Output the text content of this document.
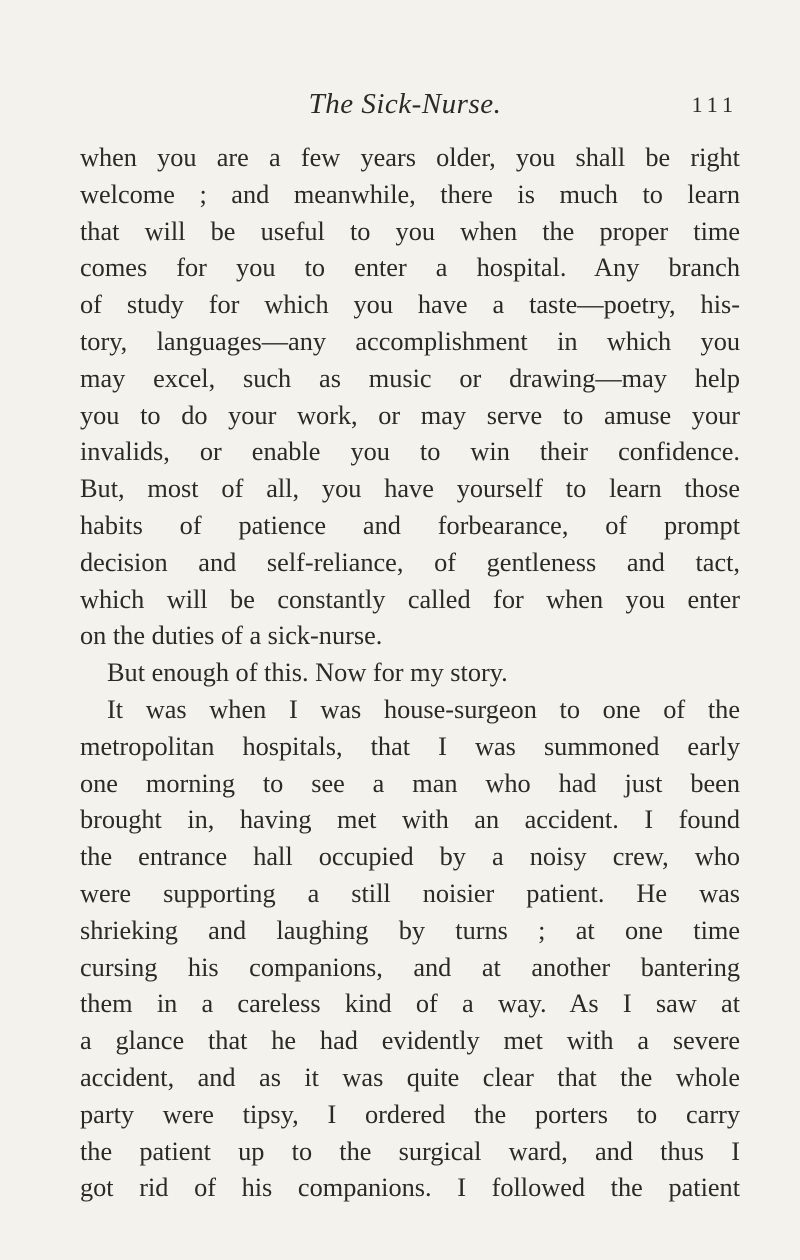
The Sick-Nurse.	111
when you are a few years older, you shall be right
welcome ; and meanwhile, there is much to learn
that will be useful to you when the proper time
comes for you to enter a hospital. Any branch
of study for which you have a taste—poetry, his-
tory, languages—any accomplishment in which you
may excel, such as music or drawing—may help
you to do your work, or may serve to amuse your
invalids, or enable you to win their confidence.
But, most of all, you have yourself to learn those
habits of patience and forbearance, of prompt
decision and self-reliance, of gentleness and tact,
which will be constantly called for when you enter
on the duties of a sick-nurse.
But enough of this. Now for my story.
It was when I was house-surgeon to one of the
metropolitan hospitals, that I was summoned early
one morning to see a man who had just been
brought in, having met with an accident. I found
the entrance hall occupied by a noisy crew, who
were supporting a still noisier patient. He was
shrieking and laughing by turns ; at one time
cursing his companions, and at another bantering
them in a careless kind of a way. As I saw at
a glance that he had evidently met with a severe
accident, and as it was quite clear that the whole
party were tipsy, I ordered the porters to carry
the patient up to the surgical ward, and thus I
got rid of his companions. I followed the patient
